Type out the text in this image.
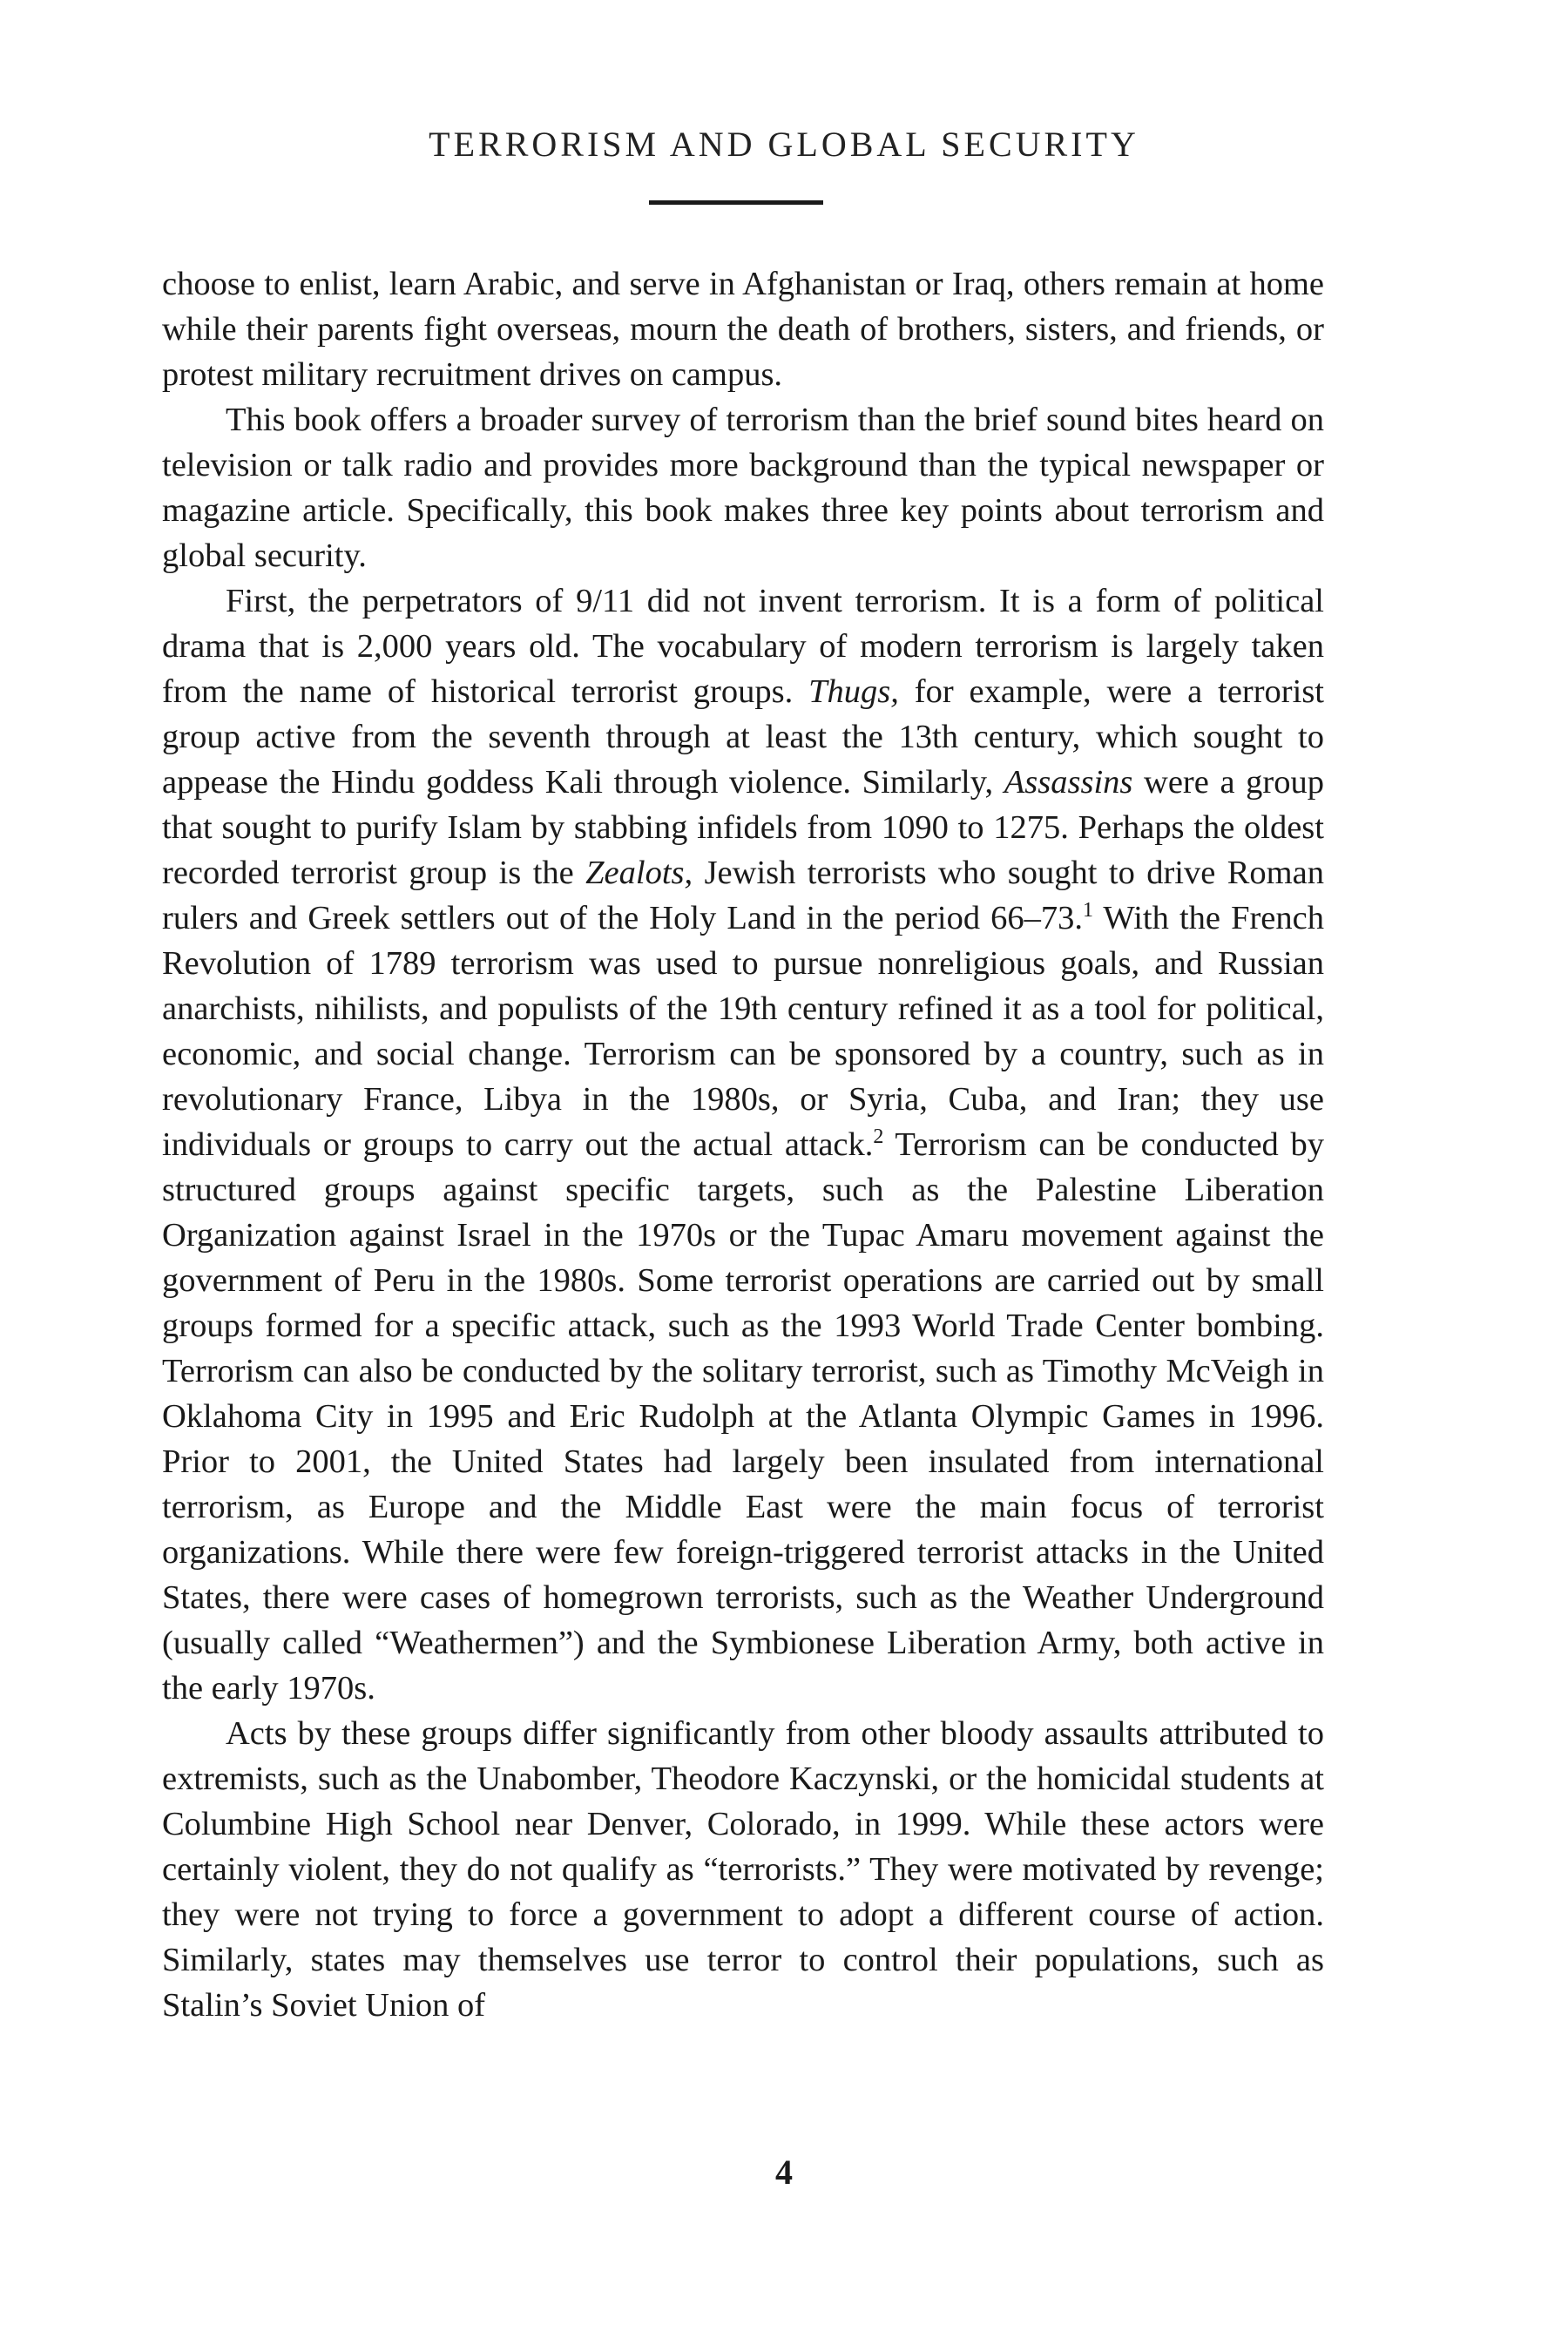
TERRORISM AND GLOBAL SECURITY

choose to enlist, learn Arabic, and serve in Afghanistan or Iraq, others remain at home while their parents fight overseas, mourn the death of brothers, sisters, and friends, or protest military recruitment drives on campus.

This book offers a broader survey of terrorism than the brief sound bites heard on television or talk radio and provides more background than the typical newspaper or magazine article. Specifically, this book makes three key points about terrorism and global security.

First, the perpetrators of 9/11 did not invent terrorism. It is a form of political drama that is 2,000 years old. The vocabulary of modern terrorism is largely taken from the name of historical terrorist groups. Thugs, for example, were a terrorist group active from the seventh through at least the 13th century, which sought to appease the Hindu goddess Kali through violence. Similarly, Assassins were a group that sought to purify Islam by stabbing infidels from 1090 to 1275. Perhaps the oldest recorded terrorist group is the Zealots, Jewish terrorists who sought to drive Roman rulers and Greek settlers out of the Holy Land in the period 66–73.$^1$ With the French Revolution of 1789 terrorism was used to pursue nonreligious goals, and Russian anarchists, nihilists, and populists of the 19th century refined it as a tool for political, economic, and social change. Terrorism can be sponsored by a country, such as in revolutionary France, Libya in the 1980s, or Syria, Cuba, and Iran; they use individuals or groups to carry out the actual attack.$^2$ Terrorism can be conducted by structured groups against specific targets, such as the Palestine Liberation Organization against Israel in the 1970s or the Tupac Amaru movement against the government of Peru in the 1980s. Some terrorist operations are carried out by small groups formed for a specific attack, such as the 1993 World Trade Center bombing. Terrorism can also be conducted by the solitary terrorist, such as Timothy McVeigh in Oklahoma City in 1995 and Eric Rudolph at the Atlanta Olympic Games in 1996. Prior to 2001, the United States had largely been insulated from international terrorism, as Europe and the Middle East were the main focus of terrorist organizations. While there were few foreign-triggered terrorist attacks in the United States, there were cases of homegrown terrorists, such as the Weather Underground (usually called “Weathermen”) and the Symbionese Liberation Army, both active in the early 1970s.

Acts by these groups differ significantly from other bloody assaults attributed to extremists, such as the Unabomber, Theodore Kaczynski, or the homicidal students at Columbine High School near Denver, Colorado, in 1999. While these actors were certainly violent, they do not qualify as “terrorists.” They were motivated by revenge; they were not trying to force a government to adopt a different course of action. Similarly, states may themselves use terror to control their populations, such as Stalin’s Soviet Union of

4
